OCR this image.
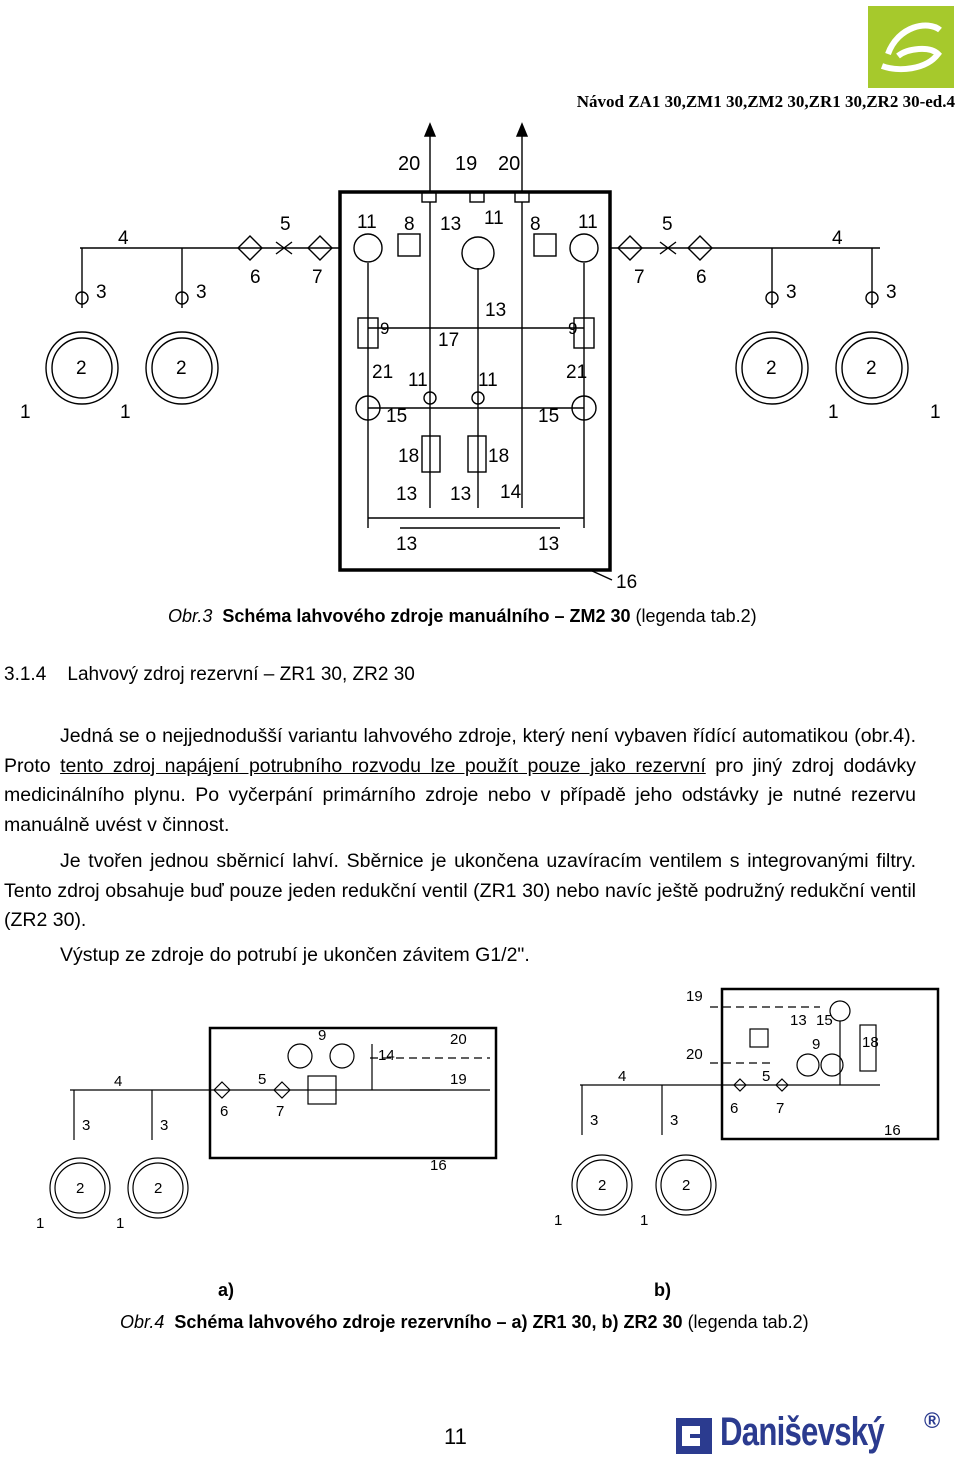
Návod ZA1 30,ZM1 30,ZM2 30,ZR1 30,ZR2 30-ed.4
20 19 20
11 8 13 11 8 11
9	9
17
13
21	21
11	11
15	15
18	18
13 13 14
13	13
16
4
5
6	7
3	3
2	2
1	1
4
5
7	6
3	3
2	2
1	1
Obr.3 Schéma lahvového zdroje manuálního – ZM2 30 (legenda tab.2)
3.1.4 Lahvový zdroj rezervní – ZR1 30, ZR2 30
Jedná se o nejjednodušší variantu lahvového zdroje, který není vybaven řídící automatikou (obr.4). Proto tento zdroj napájení potrubního rozvodu lze použít pouze jako rezervní pro jiný zdroj dodávky medicinálního plynu. Po vyčerpání primárního zdroje nebo v případě jeho odstávky je nutné rezervu manuálně uvést v činnost.
Je tvořen jednou sběrnicí lahví. Sběrnice je ukončena uzavíracím ventilem s integrovanými filtry. Tento zdroj obsahuje buď pouze jeden redukční ventil (ZR1 30) nebo navíc ještě podružný redukční ventil (ZR2 30).
Výstup ze zdroje do potrubí je ukončen závitem G1/2".
4	5
6	7
9
14
20
19
16
3	3
2	2
1	1
19
20
13 15
18
9
4	5
6	7
16
3	3
2	2
1	1
a)	b)
Obr.4 Schéma lahvového zdroje rezervního – a) ZR1 30, b) ZR2 30 (legenda tab.2)
11	Daniševský ®
